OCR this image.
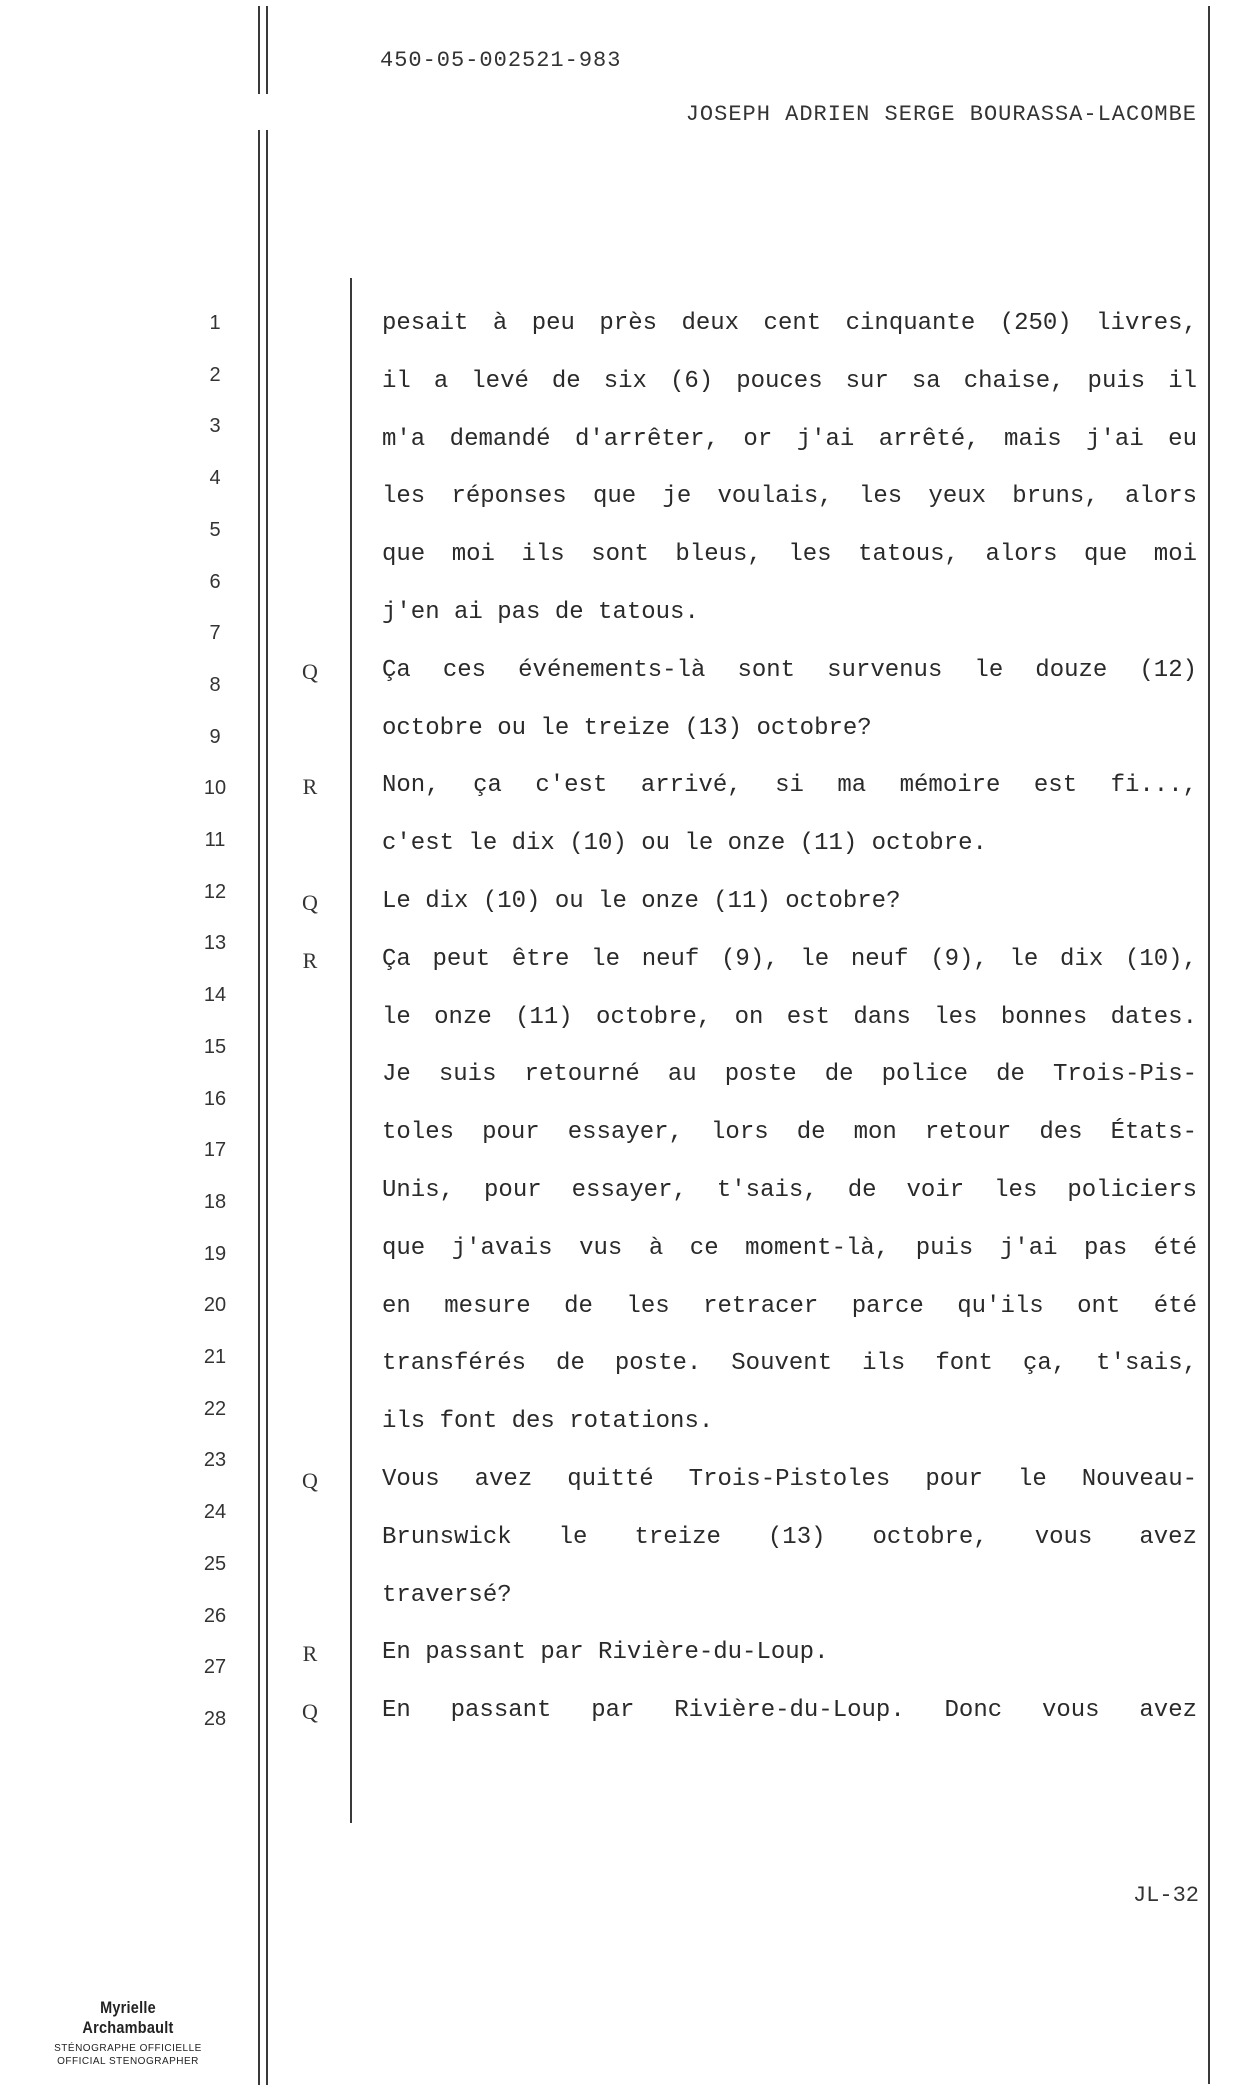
450-05-002521-983
JOSEPH ADRIEN SERGE BOURASSA-LACOMBE
1	pesait à peu près deux cent cinquante (250) livres,
2	il a levé de six (6) pouces sur sa chaise, puis il
3	m'a demandé d'arrêter, or j'ai arrêté, mais j'ai eu
4
les réponses que je voulais, les yeux bruns, alors
5
que moi ils sont bleus, les tatous, alors que moi
6
j'en ai pas de tatous.
7
Q	Ça ces événements-là sont survenus le douze (12)
8
octobre ou le treize (13) octobre?
9
R	Non, ça c'est arrivé, si ma mémoire est fi...,
10
c'est le dix (10) ou le onze (11) octobre.
11
Q	Le dix (10) ou le onze (11) octobre?
12
R	Ça peut être le neuf (9), le neuf (9), le dix (10),
13
le onze (11) octobre, on est dans les bonnes dates.
14
Je suis retourné au poste de police de Trois-Pis-
15
toles pour essayer, lors de mon retour des États-
16
Unis, pour essayer, t'sais, de voir les policiers
17
que j'avais vus à ce moment-là, puis j'ai pas été
18
en mesure de les retracer parce qu'ils ont été
19
transférés de poste. Souvent ils font ça, t'sais,
20
ils font des rotations.
21
Q	Vous avez quitté Trois-Pistoles pour le Nouveau-
22
Brunswick le treize (13) octobre, vous avez
23
traversé?
24
R	En passant par Rivière-du-Loup.
25
Q	En passant par Rivière-du-Loup. Donc vous avez
26
27
28
JL-32
Myrielle Archambault
STÉNOGRAPHE OFFICIELLE
OFFICIAL STENOGRAPHER
